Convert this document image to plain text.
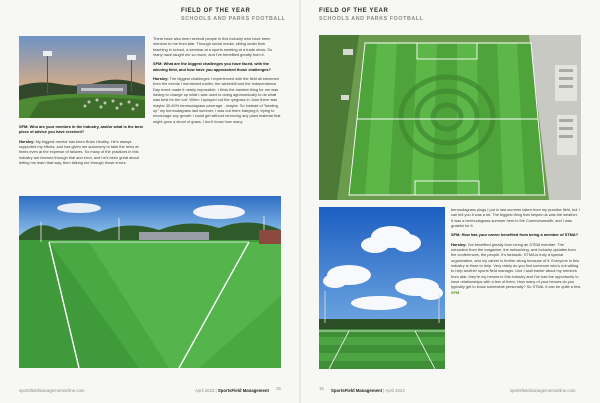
FIELD OF THE YEAR
SCHOOLS AND PARKS FOOTBALL

SFM: Who are your mentors in the industry, and/or what is the best piece of advice you have received?

Horsley: My biggest mentor has been Brian Hindley. He's always supported my efforts, and has given me autonomy to take the reins at times even at the expense of failures. So many of the practices in this industry are learned through trial and error, and he's been great about letting me learn that way, then talking me through those errors.

There have also been several people in this industry who have been mentors to me from afar. Through social media, sitting under their teaching in school, a seminar at a sports meeting at a trade show. So many have taught me so much, and I've benefited greatly from it.

SFM: What are the biggest challenges you have faced, with the winning field, and how have you approached those challenges?

Horsley: The biggest challenges I experienced with the field all stemmed from the events I mentioned earlier, the winterkill and the Independence Day event made it nearly impossible. I think the hardest thing for me was having to change up what I was used to doing agronomically to do what was best for the turf. When I sprayed out the ryegrass in June there was maybe 30-40% bermudagrass coverage…maybe. So instead of "beating up" my bermudagrass last summer, I was out there babying it, trying to encourage any growth I could get without removing any plant material that might grow a shoot of grass. I don't know how many

sportsfieldmanagementonline.com	April 2023 | SportsField Management 15
FIELD OF THE YEAR
SCHOOLS AND PARKS FOOTBALL

bermudagrass plugs I put in last summer taken from my practice field, but I can tell you it was a lot. The biggest thing that helped us was the weather. It was a bermudagrass summer here in the Commonwealth, and I was grateful for it.

SFM: How has your career benefited from being a member of STMA?

Horsley: I've benefited greatly from being an STMA member. The education from the magazine, the networking, and industry updates from the conferences, the people. It's fantastic. STMA is truly a special organization, and my career is further along because of it. Everyone in this industry is there to help. Very rarely do you find someone who's not willing to help another sports field manager. Like I said earlier about my mentors from afar, they're my heroes in this industry and I've had the opportunity to have relationships with a few of them. How many of your heroes do you typically get to know somewhat personally? So STMA, it can be quite a few. SFM

16 SportsField Management | April 2023	sportsfieldmanagementonline.com
